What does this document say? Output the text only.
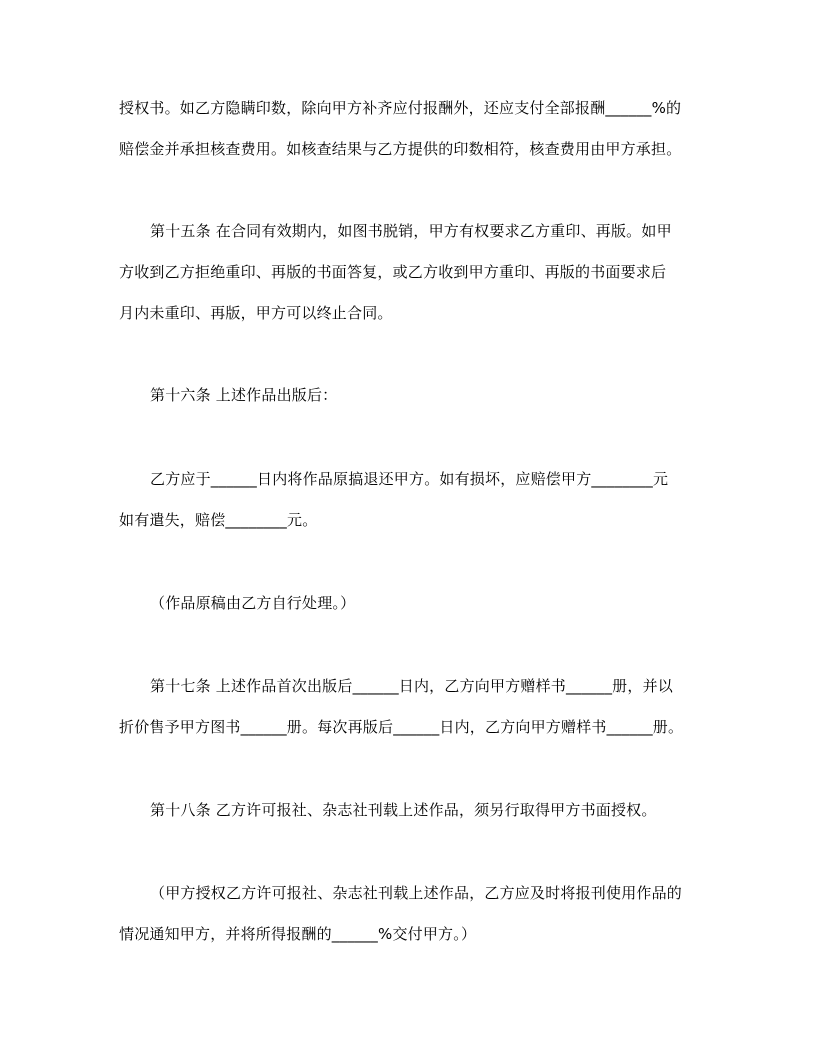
授权书。如乙方隐瞒印数，除向甲方补齐应付报酬外，还应支付全部报酬______%的
赔偿金并承担核查费用。如核查结果与乙方提供的印数相符，核查费用由甲方承担。
第十五条 在合同有效期内，如图书脱销，甲方有权要求乙方重印、再版。如甲
方收到乙方拒绝重印、再版的书面答复，或乙方收到甲方重印、再版的书面要求后
月内未重印、再版，甲方可以终止合同。
第十六条 上述作品出版后：
乙方应于______日内将作品原搞退还甲方。如有损坏，应赔偿甲方________元
如有遣失，赔偿________元。
（作品原稿由乙方自行处理。）
第十七条 上述作品首次出版后______日内，乙方向甲方赠样书______册，并以
折价售予甲方图书______册。每次再版后______日内，乙方向甲方赠样书______册。
第十八条 乙方许可报社、杂志社刊载上述作品，须另行取得甲方书面授权。
（甲方授权乙方许可报社、杂志社刊载上述作品，乙方应及时将报刊使用作品的
情况通知甲方，并将所得报酬的______%交付甲方。）
